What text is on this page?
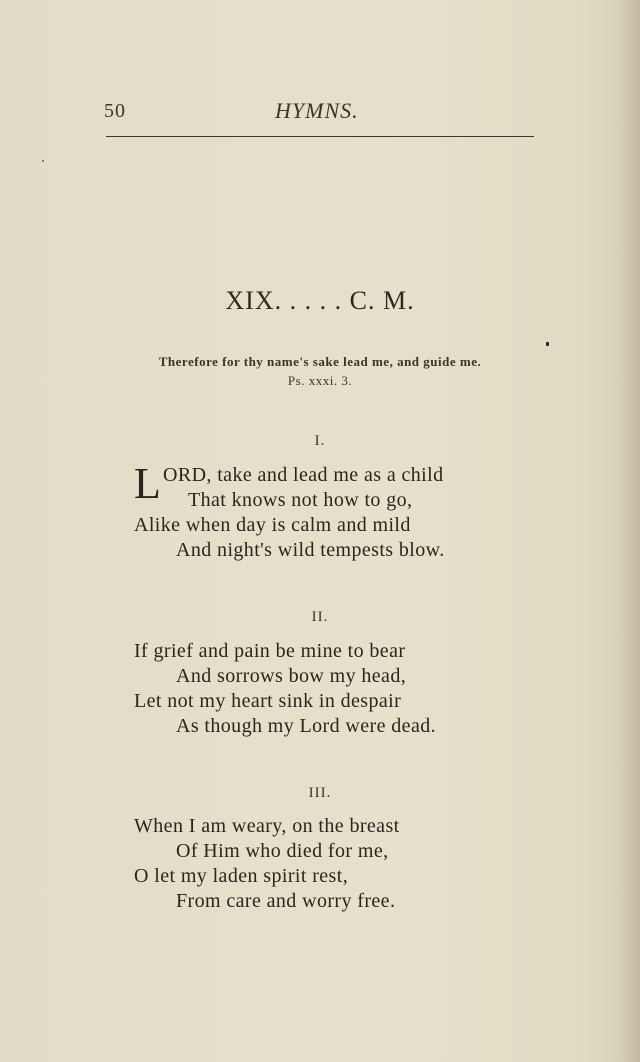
50	HYMNS.
XIX. . . . . C. M.
Therefore for thy name's sake lead me, and guide me.
Ps. xxxi. 3.
I.
L ORD, take and lead me as a child
That knows not how to go,
Alike when day is calm and mild
And night's wild tempests blow.
II.
If grief and pain be mine to bear
And sorrows bow my head,
Let not my heart sink in despair
As though my Lord were dead.
III.
When I am weary, on the breast
Of Him who died for me,
O let my laden spirit rest,
From care and worry free.
